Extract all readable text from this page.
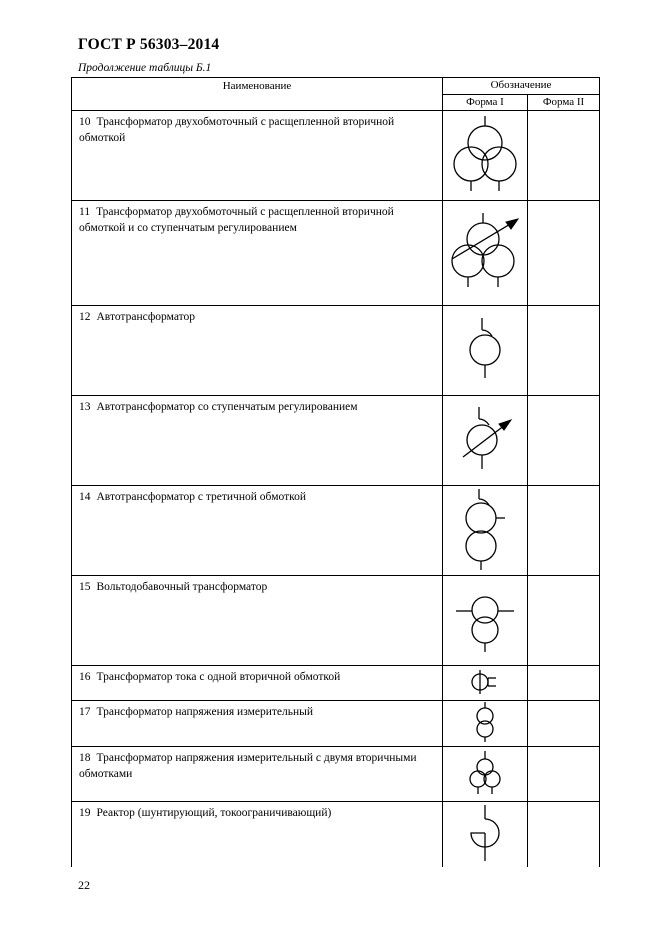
ГОСТ Р 56303–2014
Продолжение таблицы Б.1
Наименование	Обозначение	
	Форма I	Форма II
10 Трансформатор двухобмоточный с расщепленной вторичной обмоткой		
11 Трансформатор двухобмоточный с расщепленной вторичной обмоткой и со ступенчатым регулированием		
12 Автотрансформатор		
13 Автотрансформатор со ступенчатым регулированием		
14 Автотрансформатор с третичной обмоткой		
15 Вольтодобавочный трансформатор		
16 Трансформатор тока с одной вторичной обмоткой		
17 Трансформатор напряжения измерительный		
18 Трансформатор напряжения измерительный с двумя вторичными обмотками		
19 Реактор (шунтирующий, токоограничивающий)		
22
